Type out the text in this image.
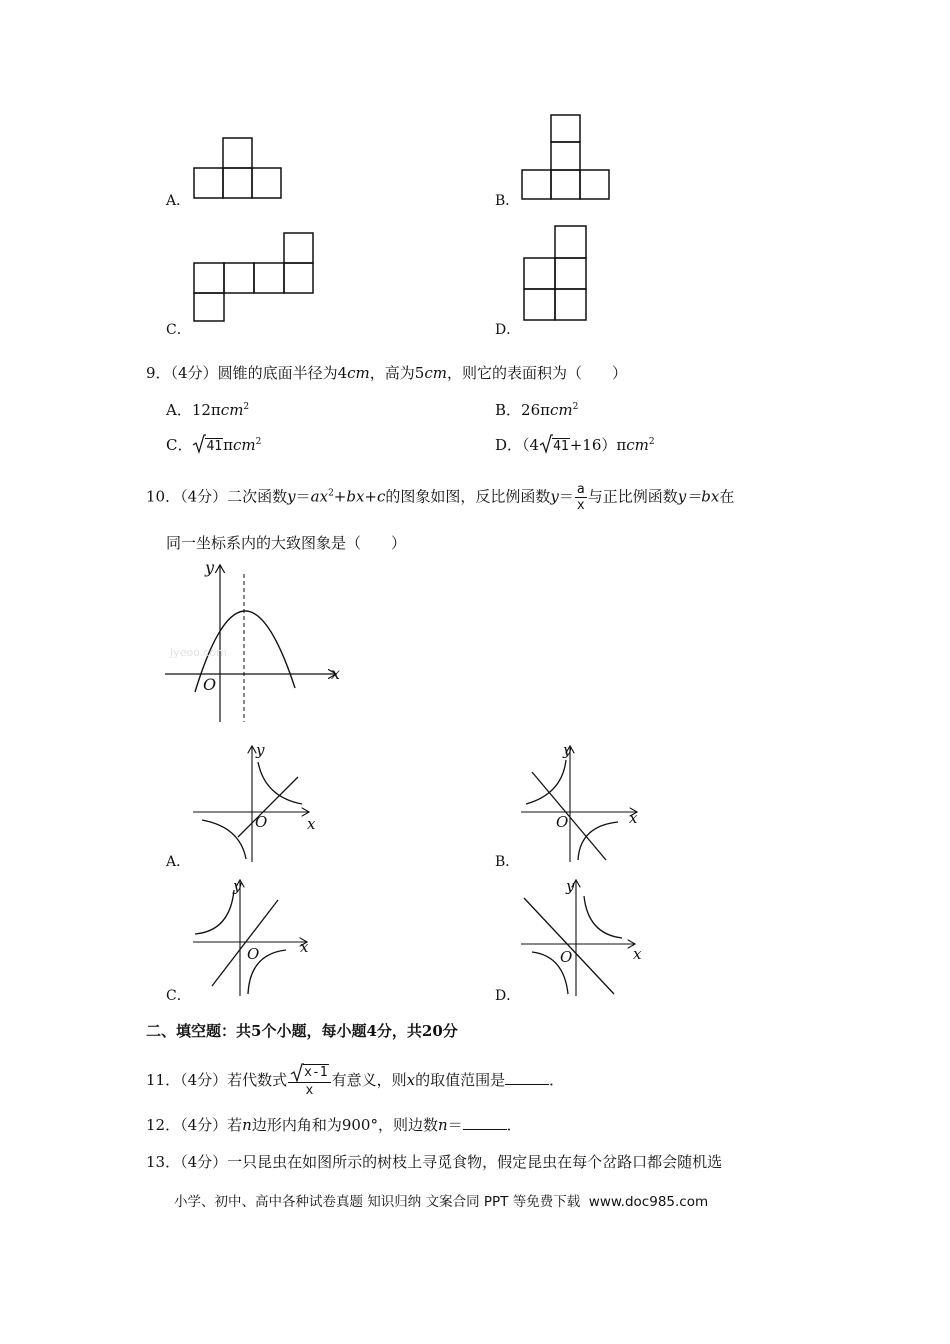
A．	B．
C．	D．
9．（4分）圆锥的底面半径为4cm，高为5cm，则它的表面积为（　　）
A．12πcm$^2$	B．26πcm$^2$
C． 41πcm$^2$	D．（4 41+16）πcm$^2$
10．（4分）二次函数$y=ax^2+bx+c$的图象如图，反比例函数$y= \frac{a}{x}$ 与正比例函数y＝bx在
同一坐标系内的大致图象是（　　）
x
y
O
Jyeoo.com
y
x
O
A．
y
x
O
B．
y
x
O
C．
y
x
O
D．
二、填空题：共5个小题，每小题4分，共20分
11．（4分）若代数式 $\frac{x-1}{x}$ 有意义，则x的取值范围是	．
12．（4分）若n边形内角和为900°，则边数n＝	．
13．（4分）一只昆虫在如图所示的树枝上寻觅食物，假定昆虫在每个岔路口都会随机选
小学、初中、高中各种试卷真题 知识归纳 文案合同 PPT 等免费下载 www.doc985.com
